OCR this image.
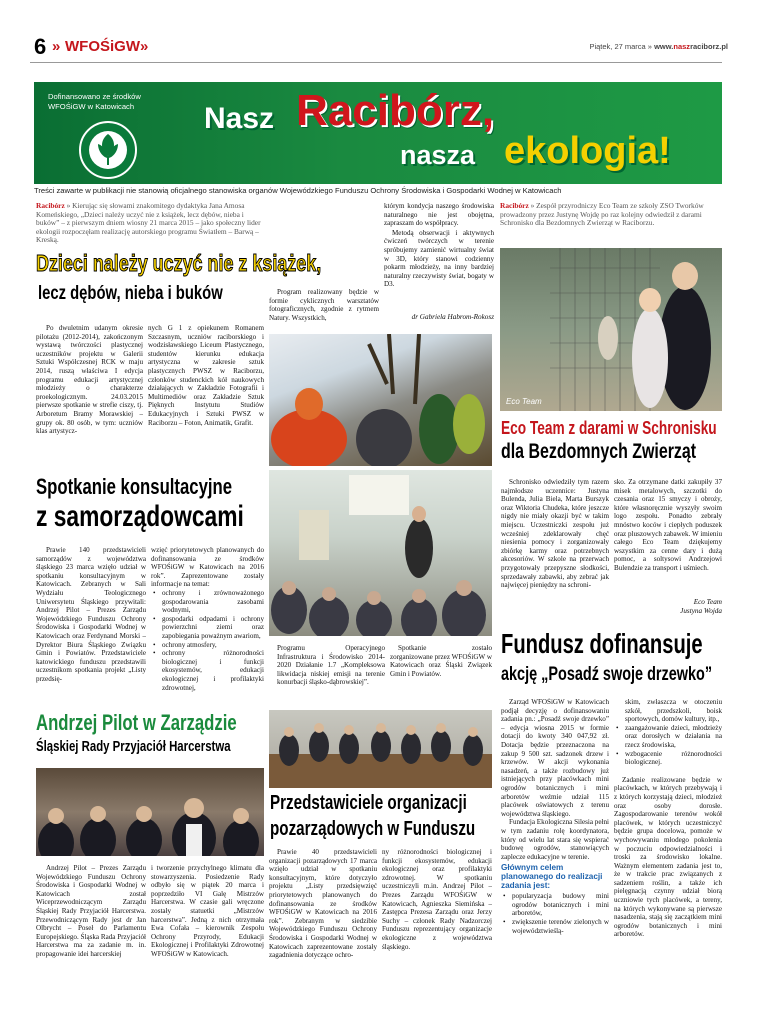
6 » WFOŚiGW »	Piątek, 27 marca » www.naszraciborz.pl
Dofinansowano ze środków WFOŚiGW w Katowicach	Nasz Racibórz,
nasza ekologia!
Treści zawarte w publikacji nie stanowią oficjalnego stanowiska organów Wojewódzkiego Funduszu Ochrony Środowiska i Gospodarki Wodnej w Katowicach
Racibórz » Kierując się słowami znakomitego dydaktyka Jana Amosa Komeńskiego, „Dzieci należy uczyć nie z książek, lecz dębów, nieba i buków” – z pierwszym dniem wiosny 21 marca 2015 – jako społeczny lider ekologii rozpoczęłam realizację autorskiego programu Światłem – Barwą – Kreską.
Dzieci należy uczyć nie z książek,
lecz dębów, nieba i buków
Po dwuletnim udanym okresie pilotażu (2012-2014), zakończonym wystawą twórczości plastycznej uczestników projektu w Galerii Sztuki Współczesnej RCK w maju 2014, ruszą właściwa I edycja programu edukacji artystycznej młodzieży o charakterze proekologicznym. 24.03.2015 pierwsze spotkanie w strefie ciszy, tj. Arboretum Bramy Morawskiej – grupy ok. 80 osób, w tym: uczniów klas artystycz-
nych G 1 z opiekunem Romanem Szczasnym, uczniów raciborskiego i wodzisławskiego Liceum Plastycznego, studentów kierunku edukacja artystyczna w zakresie sztuk plastycznych PWSZ w Raciborzu, członków studenckich kół naukowych działających w Zakładzie Fotografii i Multimediów oraz Zakładzie Sztuk Pięknych Instytutu Studiów Edukacyjnych i Sztuki PWSZ w Raciborzu – Foton, Animatik, Grafit.
Program realizowany będzie w formie cyklicznych warsztatów fotograficznych, zgodnie z rytmem Natury. Wszystkich,

którym kondycja naszego środowiska naturalnego nie jest obojętna, zapraszam do współpracy.

Metodą obserwacji i aktywnych ćwiczeń twórczych w terenie spróbujemy zamienić wirtualny świat w 3D, który stanowi codzienny pokarm młodzieży, na inny bardziej naturalny rzeczywisty świat, bogaty w D3.

dr Gabriela Habrom-Rokosz
Racibórz » Zespół przyrodniczy Eco Team ze szkoły ZSO Tworków prowadzony przez Justynę Wojdę po raz kolejny odwiedził z darami Schronisko dla Bezdomnych Zwierząt w Raciborzu.
Eco Team
Eco Team z darami w Schronisku
dla Bezdomnych Zwierząt
Schronisko odwiedziły tym razem najmłodsze uczennice: Justyna Bulenda, Julia Biela, Marta Burszyk oraz Wiktoria Chudeka, które jeszcze nigdy nie miały okazji być w takim miejscu. Uczestniczki zespołu już wcześniej zdeklarowały chęć niesienia pomocy i zorganizowały zbiórkę karmy oraz potrzebnych akcesoriów. W szkole na przerwach przygotowały przepyszne słodkości, sprzedawały zabawki, aby zebrać jak najwięcej pieniędzy na schroni-
sko. Za otrzymane datki zakupiły 37 misek metalowych, szczotki do czesania oraz 15 smyczy i obroży, które własnoręcznie wyszyły swoim logo zespołu. Ponadto zebrały mnóstwo koców i ciepłych poduszek oraz pluszowych zabawek. W imieniu całego Eco Team dziękujemy wszystkim za cenne dary i dużą pomoc, a soltysowi Andrzejowi Bulendzie za transport i uśmiech.
Eco Team
Justyna Wojda
Spotkanie konsultacyjne
z samorządowcami
Prawie 140 przedstawicieli samorządów z województwa śląskiego 23 marca wzięło udział w spotkaniu konsultacyjnym w Katowicach. Zebranych w Sali Wydziału Teologicznego Uniwersytetu Śląskiego przywitali: Andrzej Pilot – Prezes Zarządu Wojewódzkiego Funduszu Ochrony Środowiska i Gospodarki Wodnej w Katowicach oraz Ferdynand Morski – Dyrektor Biura Śląskiego Związku Gmin i Powiatów. Przedstawiciele katowickiego funduszu przedstawili uczestnikom spotkania projekt „Listy przedsię-
wzięć priorytetowych planowanych do dofinansowania ze środków WFOŚiGW w Katowicach na 2016 rok”. Zaprezentowane zostały informacje na temat:
• ochrony i zrównoważonego gospodarowania zasobami wodnymi,
• gospodarki odpadami i ochrony powierzchni ziemi oraz zapobiegania poważnym awariom,
• ochrony atmosfery,
• ochrony różnorodności biologicznej i funkcji ekosystemów, edukacji ekologicznej i profilaktyki zdrowotnej,
Programu Operacyjnego Infrastruktura i Środowisko 2014-2020 Działanie 1.7 „Kompleksowa likwidacja niskiej emisji na terenie konurbacji śląsko-dąbrowskiej”.
Spotkanie zostało zorganizowane przez WFOŚiGW w Katowicach oraz Śląski Związek Gmin i Powiatów.
Fundusz dofinansuje
akcję „Posadź swoje drzewko”

Zarząd WFOŚiGW w Katowicach podjął decyzję o dofinansowaniu zadania pn.: „Posadź swoje drzewko” – edycja wiosna 2015 w formie dotacji do kwoty 340 047,92 zł. Dotacja będzie przeznaczona na zakup 9 500 szt. sadzonek drzew i krzewów. W akcji wykonania nasadzeń, a także rozbudowy już istniejących przy placówkach mini ogrodów botanicznych i mini arboretów weźmie udział 115 placówek oświatowych z terenu województwa śląskiego.

Fundacja Ekologiczna Silesia pełni w tym zadaniu rolę koordynatora, który od wielu lat stara się wspierać budowę ogrodów, stanowiących zaplecze edukacyjne w terenie.

Głównym celem planowanego do realizacji zadania jest:
• popularyzacja budowy mini ogrodów botanicznych i mini arboretów,
• zwiększenie terenów zielonych w województwieślą-

skim, zwłaszcza w otoczeniu szkół, przedszkoli, boisk sportowych, domów kultury, itp.,

• zaangażowanie dzieci, młodzieży oraz dorosłych w działania na rzecz środowiska,
• wzbogacenie różnorodności biologicznej.

Zadanie realizowane będzie w placówkach, w których przebywają i z których korzystają dzieci, młodzież oraz osoby dorosłe. Zagospodarowanie terenów wokół placówek, w których uczestniczyć będzie grupa docelowa, pomoże w wychowywaniu młodego pokolenia w poczuciu odpowiedzialności i troski za środowisko lokalne. Ważnym elementem zadania jest to, że w trakcie prac związanych z sadzeniem roślin, a także ich pielęgnacją czynny udział biorą uczniowie tych placówek, a tereny, na których wykonywane są pierwsze nasadzenia, stają się zaczątkiem mini ogrodów botanicznych i mini arboretów.

Andrzej Pilot w Zarządzie
Śląskiej Rady Przyjaciół Harcerstwa
Andrzej Pilot – Prezes Zarządu Wojewódzkiego Funduszu Ochrony Środowiska i Gospodarki Wodnej w Katowicach został Wiceprzewodniczącym Zarządu Śląskiej Rady Przyjaciół Harcerstwa. Przewodniczącym Rady jest dr Jan Olbrycht – Poseł do Parlamentu Europejskiego. Śląska Rada Przyjaciół Harcerstwa ma za zadanie m. in. propagowanie idei harcerskiej
i tworzenie przychylnego klimatu dla stowarzyszenia. Posiedzenie Rady odbyło się w piątek 20 marca i poprzedziło VI Galę Mistrzów Harcerstwa. W czasie gali wręczone zostały statuetki „Mistrzów harcerstwa”. Jedną z nich otrzymała Ewa Cofała – kierownik Zespołu Ochrony Przyrody, Edukacji Ekologicznej i Profilaktyki Zdrowotnej WFOŚiGW w Katowicach.
Przedstawiciele organizacji
pozarządowych w Funduszu
Prawie 40 przedstawicieli organizacji pozarządowych 17 marca wzięło udział w spotkaniu konsultacyjnym, które dotyczyło projektu „Listy przedsięwzięć priorytetowych planowanych do dofinansowania ze środków WFOŚiGW w Katowicach na 2016 rok”. Zebranym w siedzibie Wojewódzkiego Funduszu Ochrony Środowiska i Gospodarki Wodnej w Katowicach zaprezentowane zostały zagadnienia dotyczące ochro-
ny różnorodności biologicznej i funkcji ekosystemów, edukacji ekologicznej oraz profilaktyki zdrowotnej. W spotkaniu uczestniczyli m.in. Andrzej Pilot – Prezes Zarządu WFOŚiGW w Katowicach, Agnieszka Siemińska – Zastępca Prezesa Zarządu oraz Jerzy Suchy – członek Rady Nadzorczej Funduszu reprezentujący organizacje ekologiczne z województwa śląskiego.
